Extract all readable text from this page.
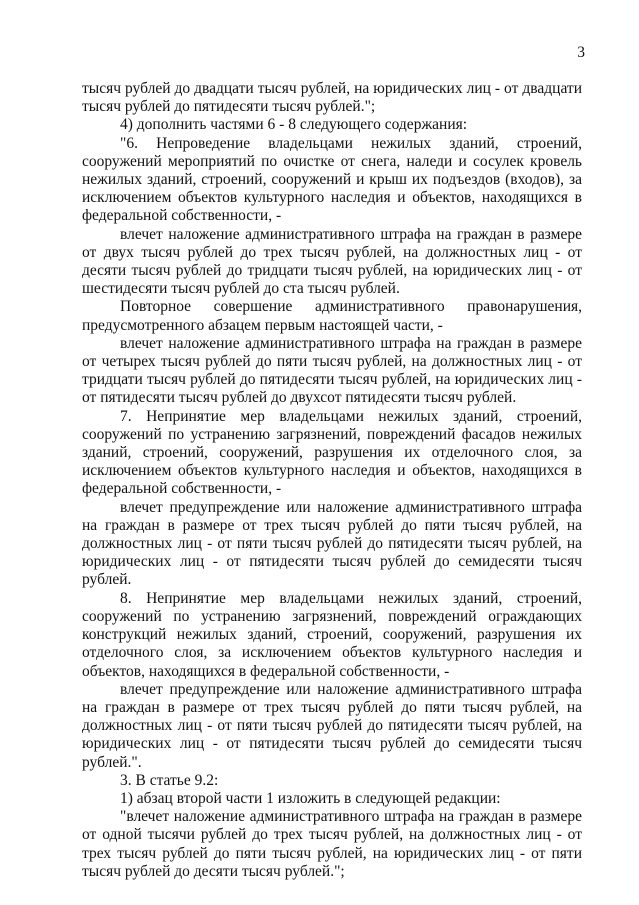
3

тысяч рублей до двадцати тысяч рублей, на юридических лиц - от двадцати тысяч рублей до пятидесяти тысяч рублей.";

4) дополнить частями 6 - 8 следующего содержания:

"6. Непроведение владельцами нежилых зданий, строений, сооружений мероприятий по очистке от снега, наледи и сосулек кровель нежилых зданий, строений, сооружений и крыш их подъездов (входов), за исключением объектов культурного наследия и объектов, находящихся в федеральной собственности, -

влечет наложение административного штрафа на граждан в размере от двух тысяч рублей до трех тысяч рублей, на должностных лиц - от десяти тысяч рублей до тридцати тысяч рублей, на юридических лиц - от шестидесяти тысяч рублей до ста тысяч рублей.

Повторное совершение административного правонарушения, предусмотренного абзацем первым настоящей части, -

влечет наложение административного штрафа на граждан в размере от четырех тысяч рублей до пяти тысяч рублей, на должностных лиц - от тридцати тысяч рублей до пятидесяти тысяч рублей, на юридических лиц - от пятидесяти тысяч рублей до двухсот пятидесяти тысяч рублей.

7. Непринятие мер владельцами нежилых зданий, строений, сооружений по устранению загрязнений, повреждений фасадов нежилых зданий, строений, сооружений, разрушения их отделочного слоя, за исключением объектов культурного наследия и объектов, находящихся в федеральной собственности, -

влечет предупреждение или наложение административного штрафа на граждан в размере от трех тысяч рублей до пяти тысяч рублей, на должностных лиц - от пяти тысяч рублей до пятидесяти тысяч рублей, на юридических лиц - от пятидесяти тысяч рублей до семидесяти тысяч рублей.

8. Непринятие мер владельцами нежилых зданий, строений, сооружений по устранению загрязнений, повреждений ограждающих конструкций нежилых зданий, строений, сооружений, разрушения их отделочного слоя, за исключением объектов культурного наследия и объектов, находящихся в федеральной собственности, -

влечет предупреждение или наложение административного штрафа на граждан в размере от трех тысяч рублей до пяти тысяч рублей, на должностных лиц - от пяти тысяч рублей до пятидесяти тысяч рублей, на юридических лиц - от пятидесяти тысяч рублей до семидесяти тысяч рублей.".

3. В статье 9.2:

1) абзац второй части 1 изложить в следующей редакции:

"влечет наложение административного штрафа на граждан в размере от одной тысячи рублей до трех тысяч рублей, на должностных лиц - от трех тысяч рублей до пяти тысяч рублей, на юридических лиц - от пяти тысяч рублей до десяти тысяч рублей.";
